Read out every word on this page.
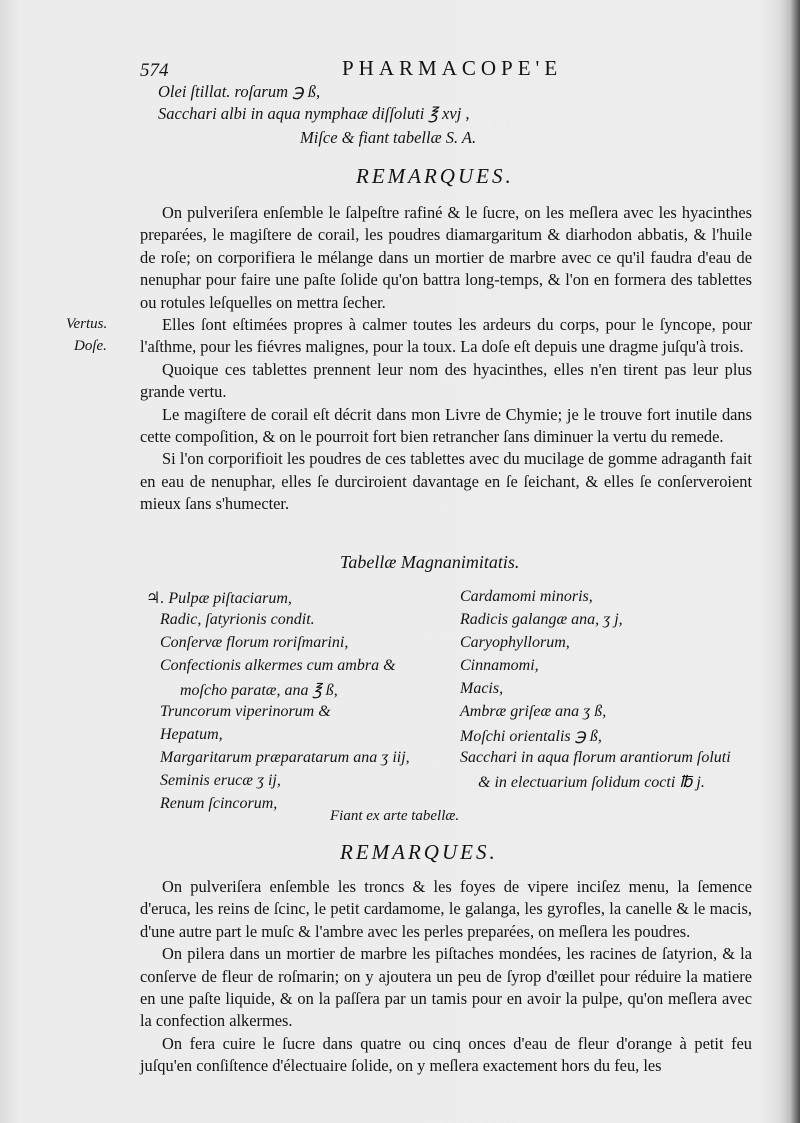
574	PHARMACOPE'E
Olei ſtillat. roſarum ℈ ß,
Sacchari albi in aqua nymphaæ diſſoluti ℥ xvj ,
Miſce & fiant tabellæ S. A.
REMARQUES.
Vertus.
Doſe.

On pulveriſera enſemble le ſalpeſtre rafiné & le ſucre, on les meſlera avec les hyacinthes preparées, le magiſtere de corail, les poudres diamargaritum & diarhodon abbatis, & l'huile de roſe; on corporifiera le mélange dans un mortier de marbre avec ce qu'il faudra d'eau de nenuphar pour faire une paſte ſolide qu'on battra long-temps, & l'on en formera des tablettes ou rotules leſquelles on mettra ſecher.

Elles ſont eſtimées propres à calmer toutes les ardeurs du corps, pour le ſyncope, pour l'aſthme, pour les fiévres malignes, pour la toux. La doſe eſt depuis une dragme juſqu'à trois.

Quoique ces tablettes prennent leur nom des hyacinthes, elles n'en tirent pas leur plus grande vertu.

Le magiſtere de corail eſt décrit dans mon Livre de Chymie; je le trouve fort inutile dans cette compoſition, & on le pourroit fort bien retrancher ſans diminuer la vertu du remede.

Si l'on corporifioit les poudres de ces tablettes avec du mucilage de gomme adraganth fait en eau de nenuphar, elles ſe durciroient davantage en ſe ſeichant, & elles ſe conſerveroient mieux ſans s'humecter.

Tabellæ Magnanimitatis.
♃. Pulpæ piſtaciarum,
Radic, ſatyrionis condit.
Conſervæ florum roriſmarini,
Confectionis alkermes cum ambra &
moſcho paratæ, ana ℥ ß,
Truncorum viperinorum &
Hepatum,
Margaritarum præparatarum ana ʒ iij,
Seminis erucæ ʒ ij,
Renum ſcincorum,
Cardamomi minoris,
Radicis galangæ ana, ʒ j,
Caryophyllorum,
Cinnamomi,
Macis,
Ambræ griſeæ ana ʒ ß,
Moſchi orientalis ℈ ß,
Sacchari in aqua florum arantiorum ſoluti
& in electuarium ſolidum cocti ℔ j.
Fiant ex arte tabellæ.
REMARQUES.

On pulveriſera enſemble les troncs & les foyes de vipere inciſez menu, la ſemence d'eruca, les reins de ſcinc, le petit cardamome, le galanga, les gyrofles, la canelle & le macis, d'une autre part le muſc & l'ambre avec les perles preparées, on meſlera les poudres.

On pilera dans un mortier de marbre les piſtaches mondées, les racines de ſatyrion, & la conſerve de fleur de roſmarin; on y ajoutera un peu de ſyrop d'œillet pour réduire la matiere en une paſte liquide, & on la paſſera par un tamis pour en avoir la pulpe, qu'on meſlera avec la confection alkermes.

On fera cuire le ſucre dans quatre ou cinq onces d'eau de fleur d'orange à petit feu juſqu'en conſiſtence d'électuaire ſolide, on y meſlera exactement hors du feu, les
